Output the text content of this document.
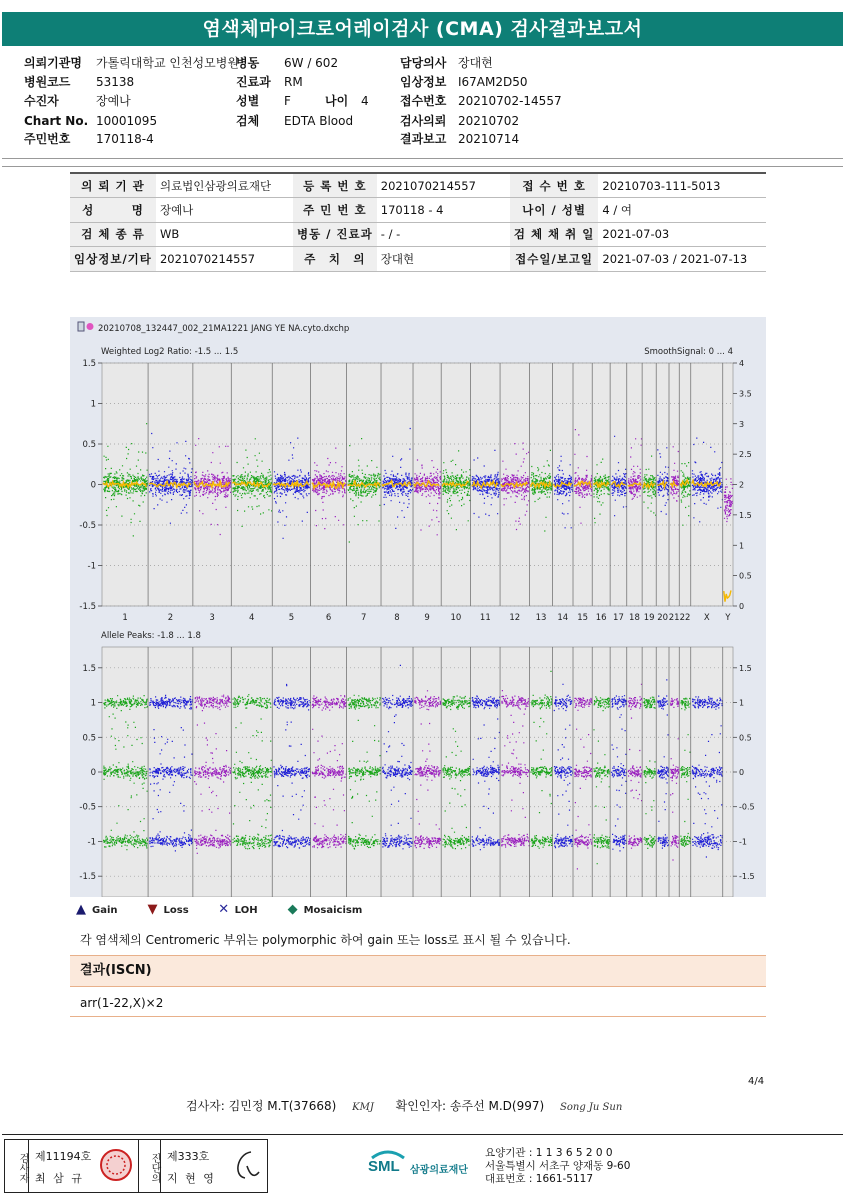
염색체마이크로어레이검사 (CMA) 검사결과보고서
의뢰기관명 가톨릭대학교 인천성모병원
병원코드 53138
수진자	장예나
Chart No. 10001095
주민번호 170118-4
병동 6W / 602
진료과 RM
성별 F
검체 EDTA Blood
나이 4
담당의사 장대현
임상정보 I67AM2D50
접수번호 20210702-14557
검사의뢰 20210702
결과보고 20210714
의 뢰 기 관	의료법인삼광의료재단	등 록 번 호	2021070214557	접 수 번 호	20210703-111-5013
성　　　명	장예나	주 민 번 호	170118 - 4	나이 / 성별	4 / 여
검 체 종 류	WB	병동 / 진료과	- / -	검 체 채 취 일	2021-07-03
임상정보/기타	2021070214557	주　치　의	장대현	접수일/보고일	2021-07-03 / 2021-07-13
20210708_132447_002_21MA1221 JANG YE NA.cyto.dxchp
Weighted Log2 Ratio: -1.5 ... 1.5	SmoothSignal: 0 ... 4
1.5
1
0.5
0
-0.5
-1
-1.5
4
3.5
3
2.5
2
1.5
1
0.5
0
1	2	3	4	5	6	7	8	9 10 11 12 13 14 15 16 17 18 19 20 21 22 X Y
Allele Peaks: -1.8 ... 1.8
1.5	1.5
1	1
0.5	0.5
0	0
-0.5	-0.5
-1	-1
-1.5	-1.5
▲ Gain ▼ Loss ✕ LOH ◆ Mosaicism
각 염색체의 Centromeric 부위는 polymorphic 하여 gain 또는 loss로 표시 될 수 있습니다.
결과(ISCN)
arr(1-22,X)×2
4/4
검사자: 김민정 M.T(37668) KMJ 확인인자: 송주선 M.D(997) Song Ju Sun
검사자 제11194호
최 삼 규	진단의 제333호
지 현 영
SML 삼광의료재단
요양기관 : 1 1 3 6 5 2 0 0
서울특별시 서초구 양재동 9-60
대표번호 : 1661-5117
